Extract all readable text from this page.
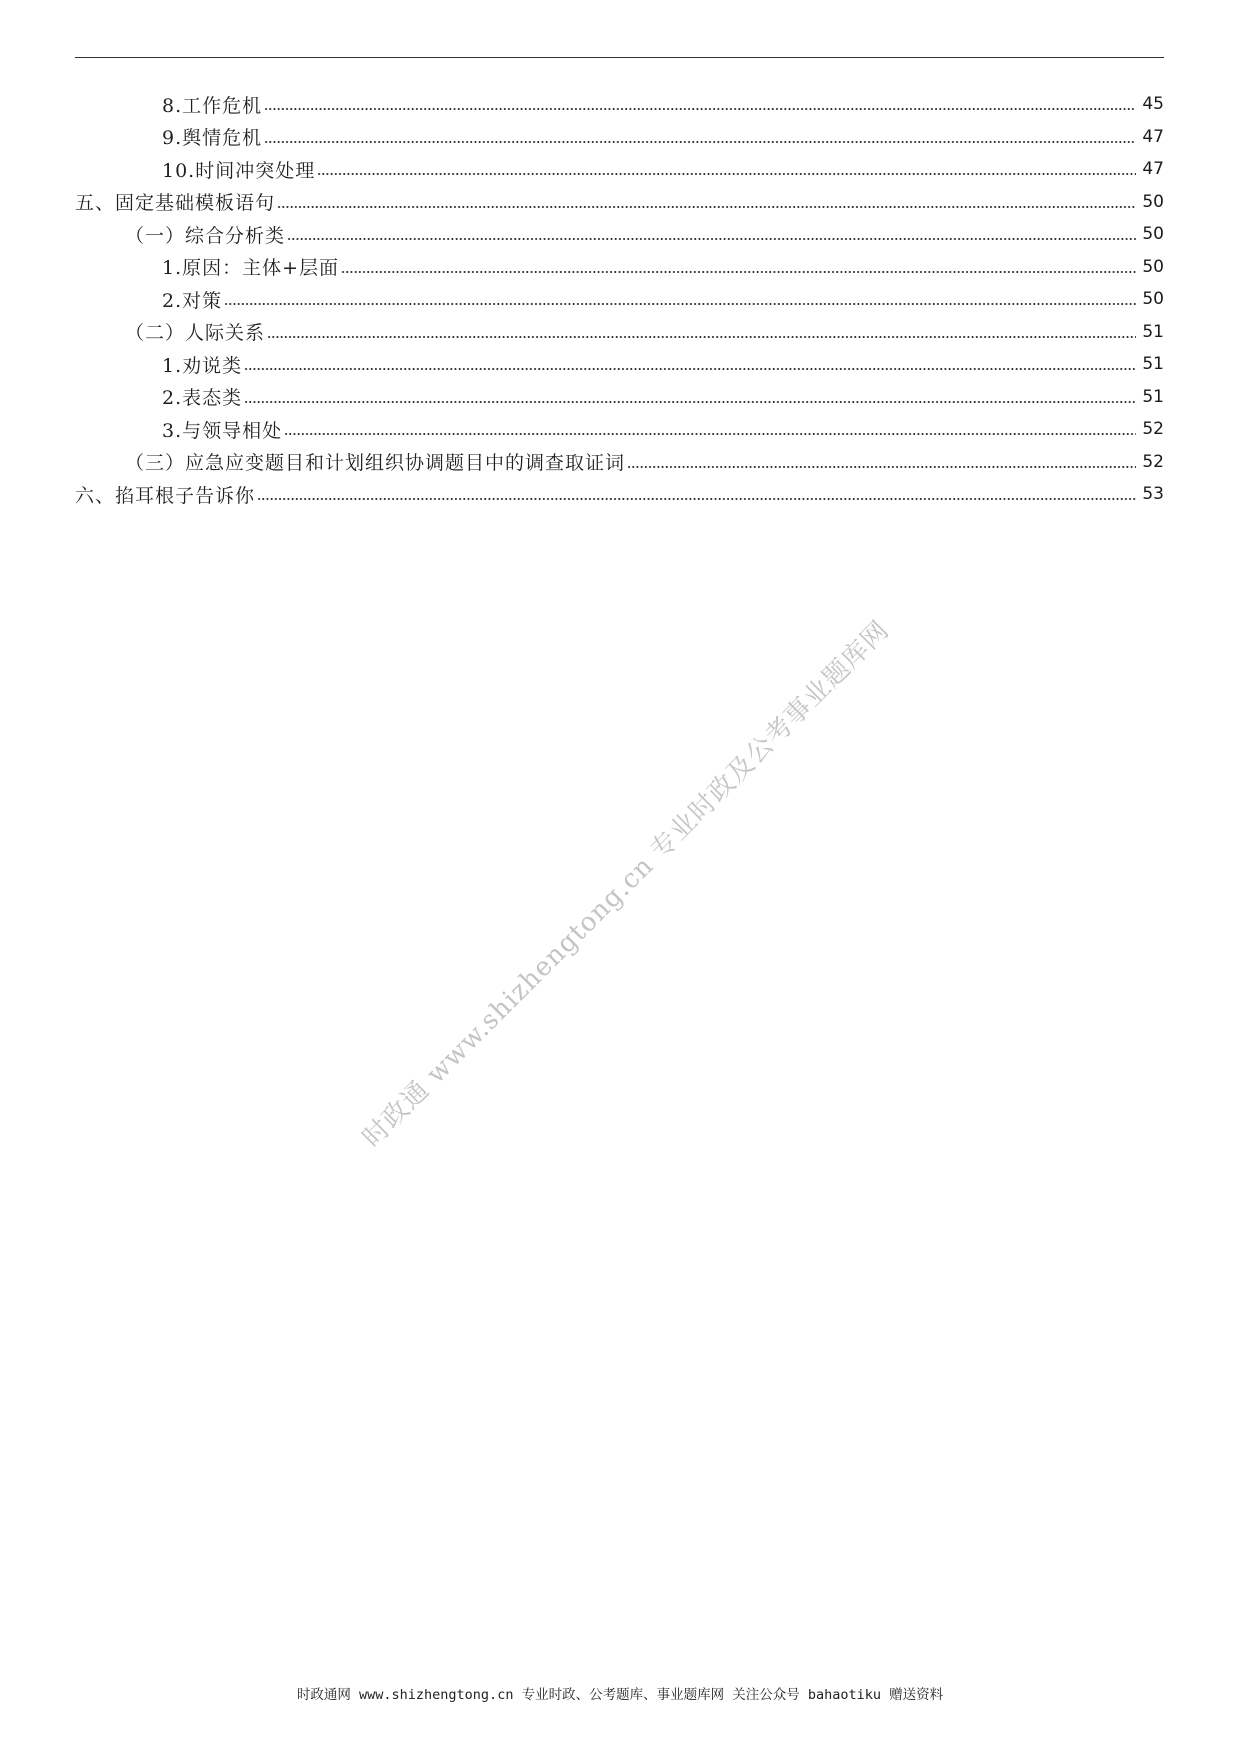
8.工作危机	45
9.舆情危机	47
10.时间冲突处理	47
五、固定基础模板语句	50
（一）综合分析类	50
1.原因：主体+层面	50
2.对策	50
（二）人际关系	51
1.劝说类	51
2.表态类	51
3.与领导相处	52
（三）应急应变题目和计划组织协调题目中的调查取证词	52
六、掐耳根子告诉你	53
时政通 www.shizhengtong.cn 专业时政及公考事业题库网
时政通网 www.shizhengtong.cn 专业时政、公考题库、事业题库网 关注公众号 bahaotiku 赠送资料
